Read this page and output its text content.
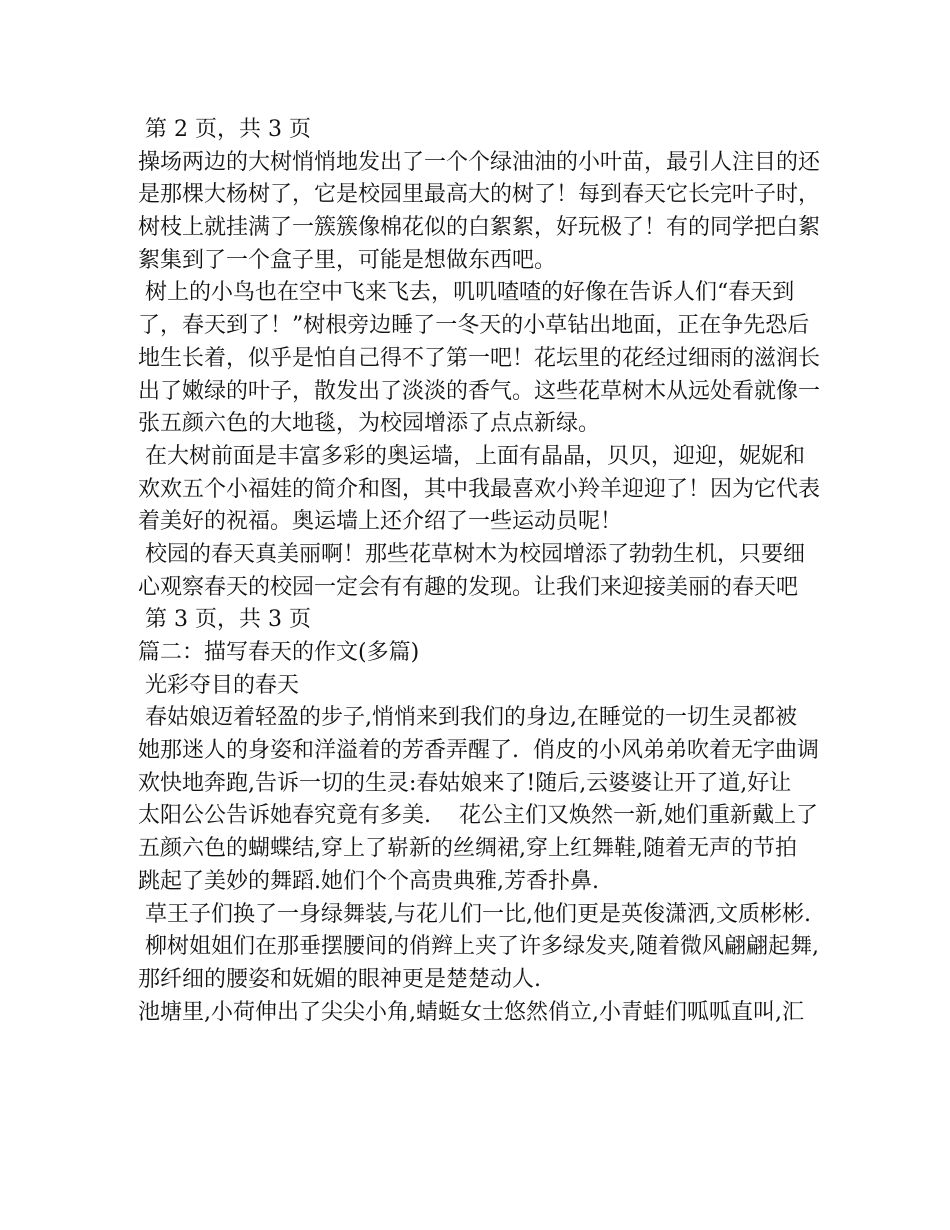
第 2 页，共 3 页
操场两边的大树悄悄地发出了一个个绿油油的小叶苗，最引人注目的还
是那棵大杨树了，它是校园里最高大的树了！每到春天它长完叶子时，
树枝上就挂满了一簇簇像棉花似的白絮絮，好玩极了！有的同学把白絮
絮集到了一个盒子里，可能是想做东西吧。
树上的小鸟也在空中飞来飞去，叽叽喳喳的好像在告诉人们“春天到
了，春天到了！”树根旁边睡了一冬天的小草钻出地面，正在争先恐后
地生长着，似乎是怕自己得不了第一吧！花坛里的花经过细雨的滋润长
出了嫩绿的叶子，散发出了淡淡的香气。这些花草树木从远处看就像一
张五颜六色的大地毯，为校园增添了点点新绿。
在大树前面是丰富多彩的奥运墙，上面有晶晶，贝贝，迎迎，妮妮和
欢欢五个小福娃的简介和图，其中我最喜欢小羚羊迎迎了！因为它代表
着美好的祝福。奥运墙上还介绍了一些运动员呢！
校园的春天真美丽啊！那些花草树木为校园增添了勃勃生机，只要细
心观察春天的校园一定会有有趣的发现。让我们来迎接美丽的春天吧
第 3 页，共 3 页
篇二：描写春天的作文(多篇)
光彩夺目的春天
春姑娘迈着轻盈的步子,悄悄来到我们的身边,在睡觉的一切生灵都被
她那迷人的身姿和洋溢着的芳香弄醒了.  俏皮的小风弟弟吹着无字曲调
欢快地奔跑,告诉一切的生灵:春姑娘来了!随后,云婆婆让开了道,好让
太阳公公告诉她春究竟有多美.    花公主们又焕然一新,她们重新戴上了
五颜六色的蝴蝶结,穿上了崭新的丝绸裙,穿上红舞鞋,随着无声的节拍
跳起了美妙的舞蹈.她们个个高贵典雅,芳香扑鼻.
草王子们换了一身绿舞装,与花儿们一比,他们更是英俊潇洒,文质彬彬.
柳树姐姐们在那垂摆腰间的俏辫上夹了许多绿发夹,随着微风翩翩起舞,
那纤细的腰姿和妩媚的眼神更是楚楚动人.
池塘里,小荷伸出了尖尖小角,蜻蜓女士悠然俏立,小青蛙们呱呱直叫,汇
